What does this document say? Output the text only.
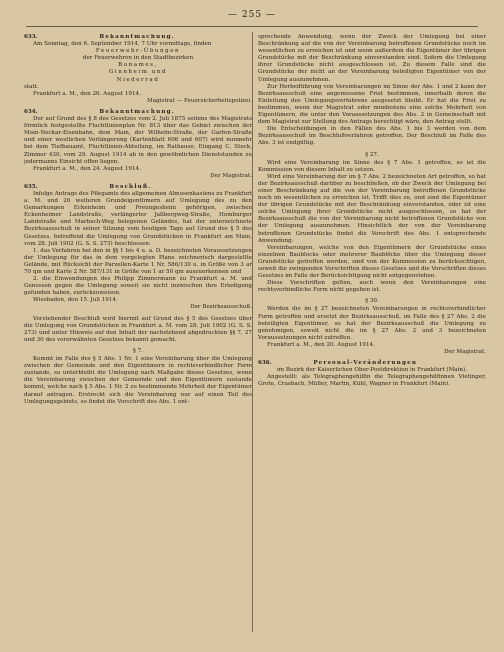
— 255 —

633.	Bekanntmachung.

Am Sonntag, den 6. September 1914, 7 Uhr vormittags, finden

Feuerwehr-Übungen

der Feuerwehren in den Stadtbezirken

Bonames,

Ginnheim und

Niederrad

statt.

Frankfurt a. M., den 26. August 1914.

Magistrat — Feuersicherheitspolizei.

634.	Bekanntmachung.

Der auf Grund des § 8 des Gesetzes vom 2. Juli 1875 seitens des Magistrats förmlich festgestellte Fluchtlinienplan Nr. 813 über das Gebiet zwischen der Main-Neckar-Eisenbahn, dem Main, der Wilhelm-Straße, der Garten-Straße und einer westlichen Verlängerung (Kartenblatt 606 und 607) wird nunmehr bei dem Tiefbauamt, Fluchtlinien-Abteilung, im Rathause, Eingang C, Stock, Zimmer 430, vom 29. August 1914 ab in den gewöhnlichen Dienststunden zu jedermanns Einsicht offen liegen.

Frankfurt a. M., den 24. August 1914.

Der Magistrat.

635.	Beschluß.

Infolge Antrags des Pflegamts des allgemeinen Almosenkastens zu Frankfurt a. M. und 26 weiteren Grundeigentümern auf Umlegung des zu den Gemarkungen Eckenheim und Preungesheim gehörigen, zwischen Eckenheimer Landstraße, verlängerter Jaßbergweg-Straße, Homburger Landstraße und Marbach-Weg belegenen Geländes, hat der unterzeichnete Bezirksausschuß in seiner Sitzung vom heutigen Tage auf Grund des § 5 des Gesetzes, betreffend die Umlegung von Grundstücken in Frankfurt am Main, vom 28. Juli 1902 (G. S. S. 273) beschlossen:

1. das Verfahren bei den in §§ 1 bis 4 u. a. D. bezeichneten Voraussetzungen der Umlegung für das in dem vorgelegten Plane zeichnerisch dargestellte Gelände, mit Rücksicht der Parzellen-Karte 1 Nr. 586/130 u. in Größe von 3 ar 70 qm und Karte 2 Nr. 587/131 in Größe von 1 ar 50 qm auszuerkennen und

2. die Einwendungen des Philipp Zimmermann zu Frankfurt a. M. und Genossen gegen die Umlegung soweit sie nicht inzwischen ihre Erledigung gefunden haben, zurückzuweisen.

Wiesbaden, den 15. Juli 1914.

Der Bezirksausschuß.

Vorstehender Beschluß wird hiermit auf Grund des § 5 des Gesetzes über die Umlegung von Grundstücken in Frankfurt a. M. vom 28. Juli 1902 (G. S. S. 273) und unter Hinweis auf den Inhalt der nachstehend abgedruckten §§ 7, 27 und 30 des vorerwähnten Gesetzes bekannt gemacht.

§ 7.

Kommt im Falle des § 5 Abs. 1 Nr. 1 eine Vereinbarung über die Umlegung zwischen der Gemeinde und den Eigentümern in rechtsverbindlicher Form zustande, so unterbleibt die Umlegung nach Maßgabe dieses Gesetzes, wenn die Vereinbarung zwischen der Gemeinde und den Eigentümern zustande kommt, welche nach § 5 Abs. 1 Nr. 2 zu bestimmende Mehrheit der Eigentümer darauf antragen. Erstreckt sich die Vereinbarung nur auf einen Teil des Umlegungsgebiets, so findet die Vorschrift des Abs. 1 ent-

sprechende Anwendung, wenn der Zweck der Umlegung bei einer Beschränkung auf die von der Vereinbarung betroffenen Grundstücke noch im wesentlichen zu erreichen ist und wenn außerdem die Eigentümer der übrigen Grundstücke mit der Beschränkung einverstanden sind. Sofern die Umlegung ihrer Grundstücke nicht ausgeschlossen ist. Zu diesem Falle sind die Grundstücke der nicht an der Vereinbarung beteiligten Eigentümer von der Umlegung auszunehmen.

Zur Herbeiführung von Vereinbarungen im Sinne der Abs. 1 und 2 kann der Bezirksausschuß eine angemessene Frist bestimmen, innerhalb deren die Einleitung des Umlegungsverfahrens ausgesetzt bleibt. Er hat die Frist zu bestimmen, wenn der Magistrat oder mindestens eine solche Mehrheit von Eigentümern, die unter den Voraussetzungen des Abs. 2 in Gemeinschaft mit dem Magistrat zur Stellung des Antrags berechtigt wäre, den Antrag stellt.

Die Entscheidungen in den Fällen des Abs. 1 bis 3 werden von dem Bezirksausschuß im Beschlußverfahren getroffen. Der Beschluß im Falle des Abs. 3 ist endgültig.

§ 27.

Wird eine Vereinbarung im Sinne des § 7 Abs. 1 getroffen, so ist die Kommission von diesem Inhalt zu setzen.

Wird eine Vereinbarung der im § 7 Abs. 2 bezeichneten Art getroffen, so hat der Bezirksausschuß darüber zu beschließen, ob der Zweck der Umlegung bei einer Beschränkung auf die von der Vereinbarung betroffenen Grundstücke noch im wesentlichen zu erreichen ist. Trifft dies zu, und sind die Eigentümer der übrigen Grundstücke mit der Beschränkung einverstanden, oder ist eine solche Umlegung ihrer Grundstücke nicht ausgeschlossen, so hat der Bezirksausschuß die von der Vereinbarung nicht betroffenen Grundstücke von der Umlegung auszunehmen. Hinsichtlich der von der Vereinbarung betroffenen Grundstücke findet die Vorschrift des Abs. 1 entsprechende Anwendung.

Vereinbarungen, welche von den Eigentümern der Grundstücke eines einzelnen Baublocks oder mehrerer Baublöcke über die Umlegung dieser Grundstücke getroffen werden, sind von der Kommission zu berücksichtigen, soweit die zwingenden Vorschriften dieses Gesetzes und die Vorschriften dieses Gesetzes im Falle der Berücksichtigung nicht entgegenstehen.

Diese Vorschriften gelten, auch wenn den Vereinbarungen eine rechtsverbindliche Form nicht gegeben ist.

§ 30.

Werden die im § 27 bezeichneten Vereinbarungen in rechtsverbindlicher Form getroffen und ersetzt der Bezirksausschuß, im Falle des § 27 Abs. 2 die beteiligten Eigentümer, so hat der Bezirksausschuß die Umlegung zu genehmigen, soweit nicht die im § 27 Abs. 2 und 3 bezeichneten Voraussetzungen nicht zutreffen.

Frankfurt a. M., den 20. August 1914.

Der Magistrat.

636.	Personal-Veränderungen

im Bezirk der Kaiserlichen Ober-Postdirektion in Frankfurt (Main).

Angestellt: als Telegraphengehilfin die Telegraphengehilfinnen Vietinger, Grote, Crasbach, Müller, Martin, Kühl, Wagner in Frankfurt (Main).
